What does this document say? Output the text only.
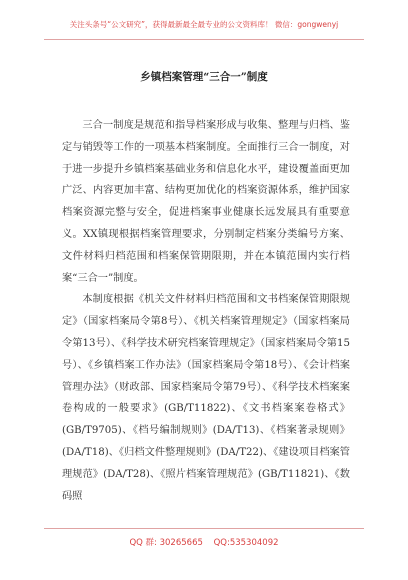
关注头条号“公文研究”，获得最新最全最专业的公文资料库！ 微信：gongwenyj
乡镇档案管理“三合一”制度

三合一制度是规范和指导档案形成与收集、整理与归档、鉴定与销毁等工作的一项基本档案制度。全面推行三合一制度，对于进一步提升乡镇档案基础业务和信息化水平，建设覆盖面更加广泛、内容更加丰富、结构更加优化的档案资源体系，维护国家档案资源完整与安全，促进档案事业健康长远发展具有重要意义。XX镇现根据档案管理要求，分别制定档案分类编号方案、文件材料归档范围和档案保管期限期，并在本镇范围内实行档案“三合一”制度。

本制度根据《机关文件材料归档范围和文书档案保管期限规定》（国家档案局令第8号）、《机关档案管理规定》（国家档案局令第13号）、《科学技术研究档案管理规定》（国家档案局令第15号）、《乡镇档案工作办法》（国家档案局令第18号）、《会计档案管理办法》（财政部、国家档案局令第79号）、《科学技术档案案卷构成的一般要求》(GB/T11822)、《文书档案案卷格式》(GB/T9705)、《档号编制规则》(DA/T13)、《档案著录规则》(DA/T18)、《归档文件整理规则》(DA/T22)、《建设项目档案管理规范》(DA/T28)、《照片档案管理规范》(GB/T11821)、《数码照

QQ 群: 30265665 QQ:535304092
